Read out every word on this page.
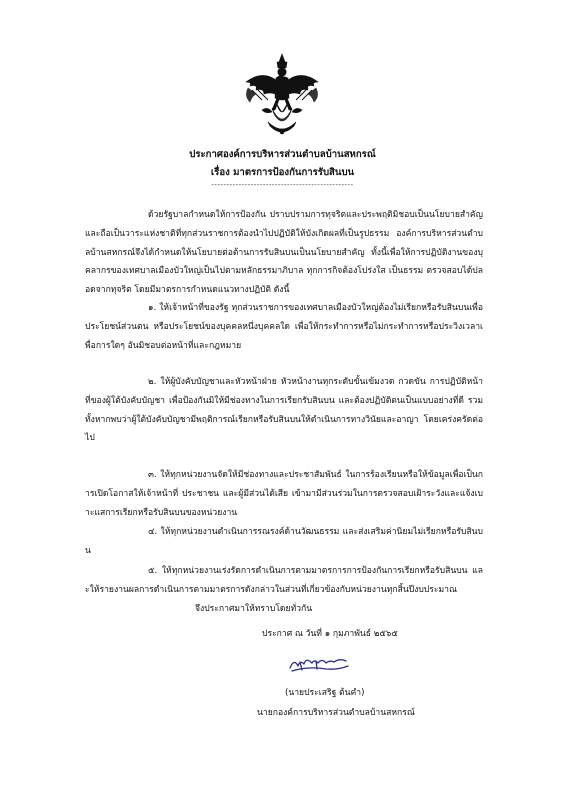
ประกาศองค์การบริหารส่วนตำบลบ้านสหกรณ์
เรื่อง มาตรการป้องกันการรับสินบน
-----------------------------------------------
ด้วยรัฐบาลกำหนดให้การป้องกัน ปราบปรามการทุจริตและประพฤติมิชอบเป็นนโยบายสำคัญและถือเป็นวาระแห่งชาติที่ทุกส่วนราชการต้องนำไปปฏิบัติให้บังเกิดผลที่เป็นรูปธรรม องค์การบริหารส่วนตำบลบ้านสหกรณ์จึงได้กำหนดให้นโยบายต่อต้านการรับสินบนเป็นนโยบายสำคัญ ทั้งนี้เพื่อให้การปฏิบัติงานของบุคลากรของเทศบาลเมืองบัวใหญ่เป็นไปตามหลักธรรมาภิบาล ทุกการกิจต้องโปร่งใส เป็นธรรม ตรวจสอบได้ปลอดจากทุจริต โดยมีมาตรการกำหนดแนวทางปฏิบัติ ดังนี้
๑. ให้เจ้าหน้าที่ของรัฐ ทุกส่วนราชการของเทศบาลเมืองบัวใหญ่ต้องไม่เรียกหรือรับสินบนเพื่อประโยชน์ส่วนตน หรือประโยชน์ของบุคคลหนึ่งบุคคลใด เพื่อให้กระทำการหรือไม่กระทำการหรือประวิงเวลาเพื่อการใดๆ อันมิชอบต่อหน้าที่และกฎหมาย
๒. ให้ผู้บังคับบัญชาและหัวหน้าฝ่าย หัวหน้างานทุกระดับขั้นเข้มงวด กวดขัน การปฏิบัติหน้าที่ของผู้ใต้บังคับบัญชา เพื่อป้องกันมิให้มีช่องทางในการเรียกรับสินบน และต้องปฏิบัติตนเป็นแบบอย่างที่ดี รวมทั้งหากพบว่าผู้ใต้บังคับบัญชามีพฤติการณ์เรียกหรือรับสินบนให้ดำเนินการทางวินัยและอาญา โดยเคร่งครัดต่อไป
๓. ให้ทุกหน่วยงานจัดให้มีช่องทางและประชาสัมพันธ์ ในการร้องเรียนหรือให้ข้อมูลเพื่อเป็นการเปิดโอกาสให้เจ้าหน้าที่ ประชาชน และผู้มีส่วนได้เสีย เข้ามามีส่วนร่วมในการตรวจสอบเฝ้าระวังและแจ้งเบาะแสการเรียกหรือรับสินบนของหน่วยงาน
๔. ให้ทุกหน่วยงานดำเนินการรณรงค์ด้านวัฒนธรรม และส่งเสริมค่านิยมไม่เรียกหรือรับสินบน
๕. ให้ทุกหน่วยงานเร่งรัดการดำเนินการตามมาตรการการป้องกันการเรียกหรือรับสินบน และให้รายงานผลการดำเนินการตามมาตรการดังกล่าวในส่วนที่เกี่ยวข้องกับหน่วยงานทุกสิ้นปีงบประมาณ
จึงประกาศมาให้ทราบโดยทั่วกัน
ประกาศ ณ วันที่ ๑ กุมภาพันธ์ ๒๕๖๕
(นายประเสริฐ ต้นคำ)
นายกองค์การบริหารส่วนตำบลบ้านสหกรณ์
